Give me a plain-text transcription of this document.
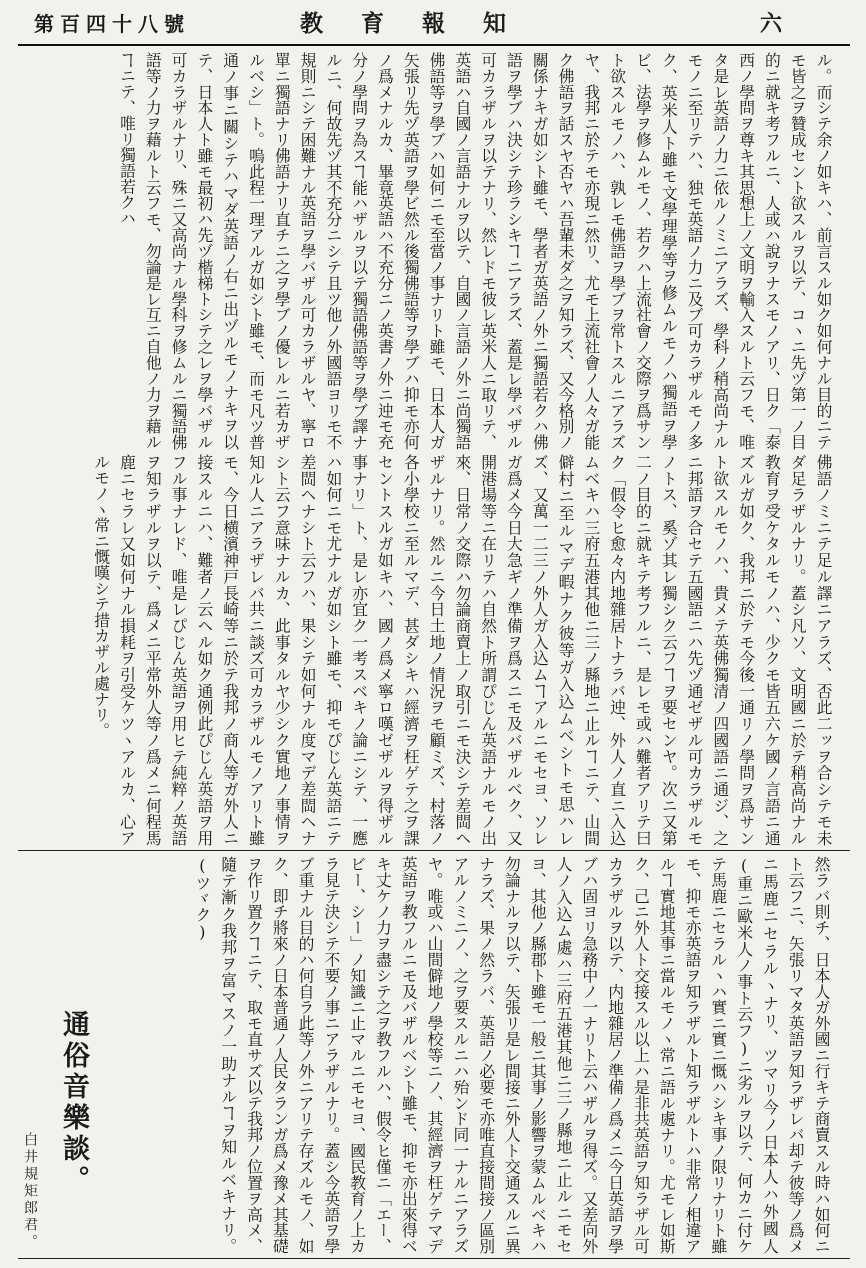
六
教育報知
第百四十八號
ル。而シテ余ノ如キハ、前言スル如ク如何ナル目的ニテモ皆之ヲ贊成セント欲スルヲ以テ、コヽニ先ヅ第一ノ目的ニ就キ考フルニ、人或ハ說ヲナスモノアリ、日ク「泰西ノ學問ヲ尊キ其思想上ノ文明ヲ輸入スルト云フモ、唯タ是レ英語ノ力ニ依ルノミニアラズ、學科ノ稍高尚ナルモノニ至リテハ、独モ英語ノ力ニ及ブ可カラザルモノ多ク、英米人ト雖モ文學理學等ヲ修ムルモノハ獨語ヲ學ビ、法學ヲ修ムルモノ、若クハ上流社會ノ交際ヲ爲サント欲スルモノハ、孰レモ佛語ヲ學ブヲ常トスルニアラズヤ、我邦ニ於テモ亦現ニ然リ、尤モ上流社會ノ人々ガ能ク佛語ヲ話スヤ否ヤハ吾輩未ダ之ヲ知ラズ、又今格別ノ關係ナキガ如シト雖モ、學者ガ英語ノ外ニ獨語若クハ佛語ヲ學ブハ決シテ珍ラシキヿニアラズ、蓋是レ學バザル可カラザルヲ以テナリ、然レドモ彼レ英米人ニ取リテ、英語ハ自國ノ言語ナルヲ以テ、自國ノ言語ノ外ニ尚獨語佛語等ヲ學ブハ如何ニモ至當ノ事ナリト雖モ、日本人ガ矢張リ先ヅ英語ヲ學ビ然ル後獨佛語等ヲ學ブハ抑モ亦何ノ爲メナルカ、畢竟英語ハ不充分ニノ英書ノ外ニ迚モ充分ノ學問ヲ為スヿ能ハザルヲ以テ獨語佛語等ヲ學ブ譯ナルニ、何故先ヅ其不充分ニシテ且ツ他ノ外國語ヨリモ不規則ニシテ困難ナル英語ヲ學バザル可カラザルヤ、寧ロ單ニ獨語ナリ佛語ナリ直チニ之ヲ學ブノ優レルニ若カザルベシ」ト。嗚此程一理アルガ如シト雖モ、而モ凡ツ普通ノ事ニ關シテハマダ英語ノ右ニ出ヅルモノナキヲ以テ、日本人ト雖モ最初ハ先ヅ楷梯トシテ之レヲ學バザル可カラザルナリ、殊ニ又高尚ナル學科ヲ修ムルニ獨語佛語等ノ力ヲ藉ルト云フモ、勿論是レ互ニ自他ノ力ヲ藉ルヿニテ、唯リ獨語若クハ
佛語ノミニテ足ル譯ニアラズ、否此二ッヲ合シテモ未ダ足ラザルナリ。蓋シ凡ソ、文明國ニ於テ稍高尚ナル教育ヲ受ケタルモノハ、少クモ皆五六ケ國ノ言語ニ通ズルガ如ク、我邦ニ於テモ今後一通リノ學問ヲ爲サント欲スルモノハ、貴メテ英佛獨清ノ四國語ニ通ジ、之ニ邦語ヲ合セテ五國語ニハ先ヅ通ゼザル可カラザルモノトス、奚ゾ其レ獨シク云フヿヲ要センヤ。次ニ又第二ノ目的ニ就キテ考フルニ、是レモ或ハ難者アリテ曰ク「假令ヒ愈々内地雜居トナラバ迚、外人ノ直ニ入込ムベキハ三府五港其他ニ三ノ縣地ニ止ルヿニテ、山間僻村ニ至ルマデ暇ナク彼等ガ入込ムベシトモ思ハレズ、又萬一二三ノ外人ガ入込ムヿアルニモセヨ、ソレガ爲メ今日大急ギノ準備ヲ爲スニモ及バザルベク、又開港場等ニ在リテハ自然ト所謂ぴじん英語ナルモノ出來、日常ノ交際ハ勿論商賣上ノ取引ニモ決シテ差閊ヘザルナリ。然ルニ今日土地ノ情況ヲモ顧ミズ、村落ノ各小學校ニ至ルマデ、甚ダシキハ經濟ヲ枉ゲテ之ヲ課セントスルガ如キハ、國ノ爲メ寧ロ嘆ゼザルヲ得ザル事ナリ」ト、是レ亦宜ク一考スベキノ論ニシテ、一應ハ如何ニモ尤ナルガ如シト雖モ、抑モぴじん英語ニテ差閊ヘナシト云フハ、果シテ如何ナル度マデ差閊ヘナシト云フ意味ナルカ、此事タルヤ少シク實地ノ事情ヲ知ル人ニアラザレバ共ニ談ズ可カラザルモノアリト雖モ、今日横濱神戸長崎等ニ於テ我邦ノ商人等ガ外人ニ接スルニハ、難者ノ云ヘル如ク通例此ぴじん英語ヲ用フル事ナレド、唯是レぴじん英語ヲ用ヒテ純粹ノ英語ヲ知ラザルヲ以テ、爲メニ平常外人等ノ爲メニ何程馬鹿ニセラレ又如何ナル損耗ヲ引受ケツヽアルカ、心アルモノヽ常ニ慨嘆シテ措カザル處ナリ。
然ラバ則チ、日本人ガ外國ニ行キテ商賣スル時ハ如何ニト云フニ、矢張リマタ英語ヲ知ラザレバ却テ彼等ノ爲メニ馬鹿ニセラルヽナリ、ツマリ今ノ日本人ハ外國人(重ニ歐米人ノ事ト云フ)ニ劣ルヲ以テ、何カニ付ケテ馬鹿ニセラルヽハ實ニ實ニ慨ハシキ事ノ限リナリト雖モ、抑モ亦英語ヲ知ラザルト知ラザルトハ非常ノ相違アルヿ實地其事ニ當ルモノヽ常ニ語ル處ナリ。尤モレ如斯ク、己ニ外人ト交接スル以上ハ是非共英語ヲ知ラザル可カラザルヲ以テ、内地雜居ノ準備ノ爲メニ今日英語ヲ學ブハ固ヨリ急務中ノ一ナリト云ハザルヲ得ズ。又差向外人ノ入込ム處ハ三府五港其他ニ三ノ縣地ニ止ルニモセヨ、其他ノ縣郡ト雖モ一般ニ其事ノ影響ヲ蒙ムルベキハ勿論ナルヲ以テ、矢張リ是レ間接ニ外人ト交通スルニ異ナラズ、果ノ然ラバ、英語ノ必要モ亦唯直接間接ノ區別アルノミニノ、之ヲ要スルニハ殆ンド同一ナルニアラズヤ。唯或ハ山間僻地ノ學校等ニノ、其經濟ヲ枉ゲテマデ英語ヲ教フルニモ及バザルベシト雖モ、抑モ亦出來得ベキ丈ケノ力ヲ盡シテ之ヲ教フルハ、假令ヒ僅ニ「エー、ビー、シー」ノ知識ニ止マルニモセヨ、國民教育ノ上カラ見テ決シテ不要ノ事ニアラザルナリ。蓋シ今英語ヲ學ブ重ナル目的ハ何自ラ此等ノ外ニアリテ存ズルモノ、如ク、即チ將來ノ日本普通ノ人民タランガ爲メ豫メ其基礎ヲ作リ置クヿニテ、取モ直サズ以テ我邦ノ位置ヲ高メ、隨テ漸ク我邦ヲ富マスノ一助ナルヿヲ知ルベキナリ。(ツヾク)
通俗音樂談。
白井規矩郎君。
